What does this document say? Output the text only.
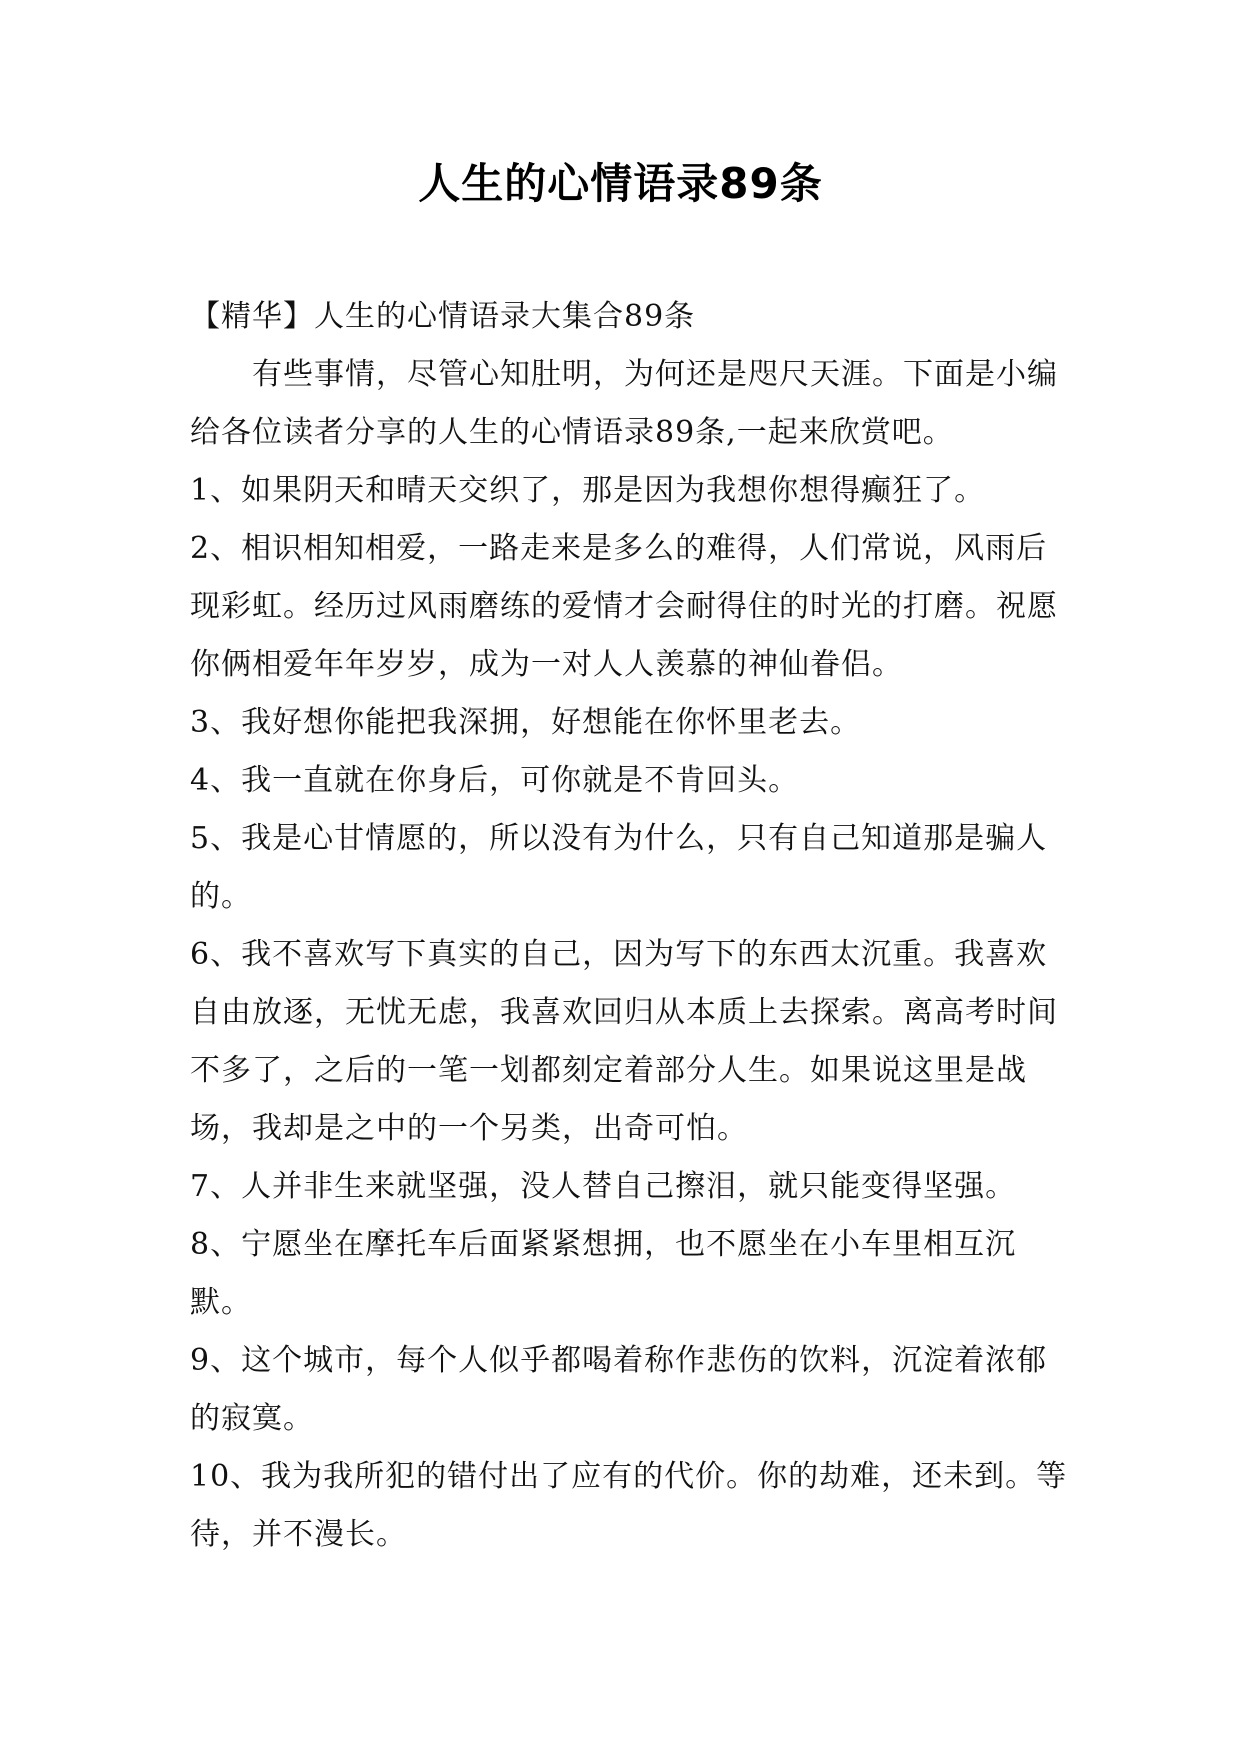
人生的心情语录89条

【精华】人生的心情语录大集合89条

有些事情，尽管心知肚明，为何还是咫尺天涯。下面是小编给各位读者分享的人生的心情语录89条,一起来欣赏吧。

1、如果阴天和晴天交织了，那是因为我想你想得癫狂了。

2、相识相知相爱，一路走来是多么的难得，人们常说，风雨后现彩虹。经历过风雨磨练的爱情才会耐得住的时光的打磨。祝愿你俩相爱年年岁岁，成为一对人人羡慕的神仙眷侣。

3、我好想你能把我深拥，好想能在你怀里老去。

4、我一直就在你身后，可你就是不肯回头。

5、我是心甘情愿的，所以没有为什么，只有自己知道那是骗人的。

6、我不喜欢写下真实的自己，因为写下的东西太沉重。我喜欢自由放逐，无忧无虑，我喜欢回归从本质上去探索。离高考时间不多了，之后的一笔一划都刻定着部分人生。如果说这里是战场，我却是之中的一个另类，出奇可怕。

7、人并非生来就坚强，没人替自己擦泪，就只能变得坚强。

8、宁愿坐在摩托车后面紧紧想拥，也不愿坐在小车里相互沉默。

9、这个城市，每个人似乎都喝着称作悲伤的饮料，沉淀着浓郁的寂寞。

10、我为我所犯的错付出了应有的代价。你的劫难，还未到。等待，并不漫长。
